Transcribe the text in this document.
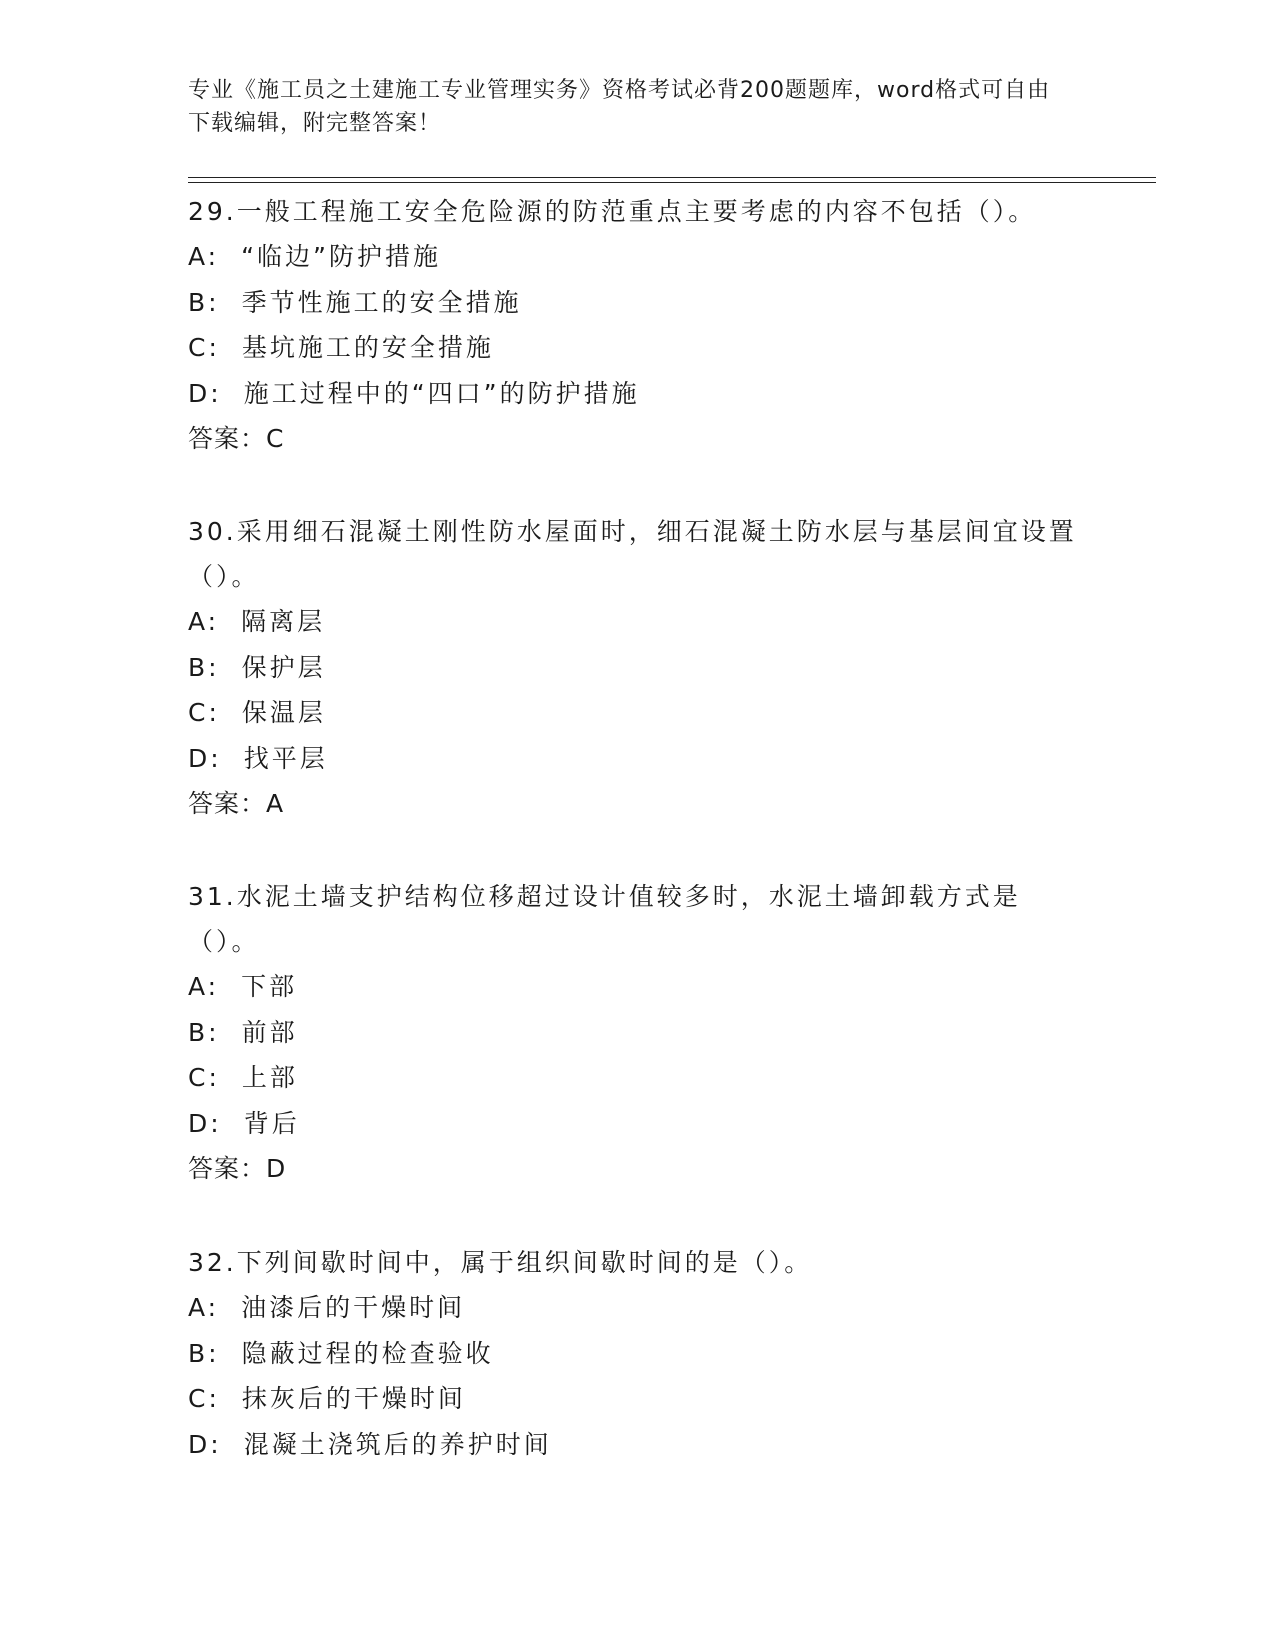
专业《施工员之土建施工专业管理实务》资格考试必背200题题库，word格式可自由下载编辑，附完整答案！

29.一般工程施工安全危险源的防范重点主要考虑的内容不包括（）。

A: “临边”防护措施

B: 季节性施工的安全措施

C: 基坑施工的安全措施

D: 施工过程中的“四口”的防护措施

答案：C

30.采用细石混凝土刚性防水屋面时，细石混凝土防水层与基层间宜设置（）。

A: 隔离层

B: 保护层

C: 保温层

D: 找平层

答案：A

31.水泥土墙支护结构位移超过设计值较多时，水泥土墙卸载方式是（）。

A: 下部

B: 前部

C: 上部

D: 背后

答案：D

32.下列间歇时间中，属于组织间歇时间的是（）。

A: 油漆后的干燥时间

B: 隐蔽过程的检查验收

C: 抹灰后的干燥时间

D: 混凝土浇筑后的养护时间
